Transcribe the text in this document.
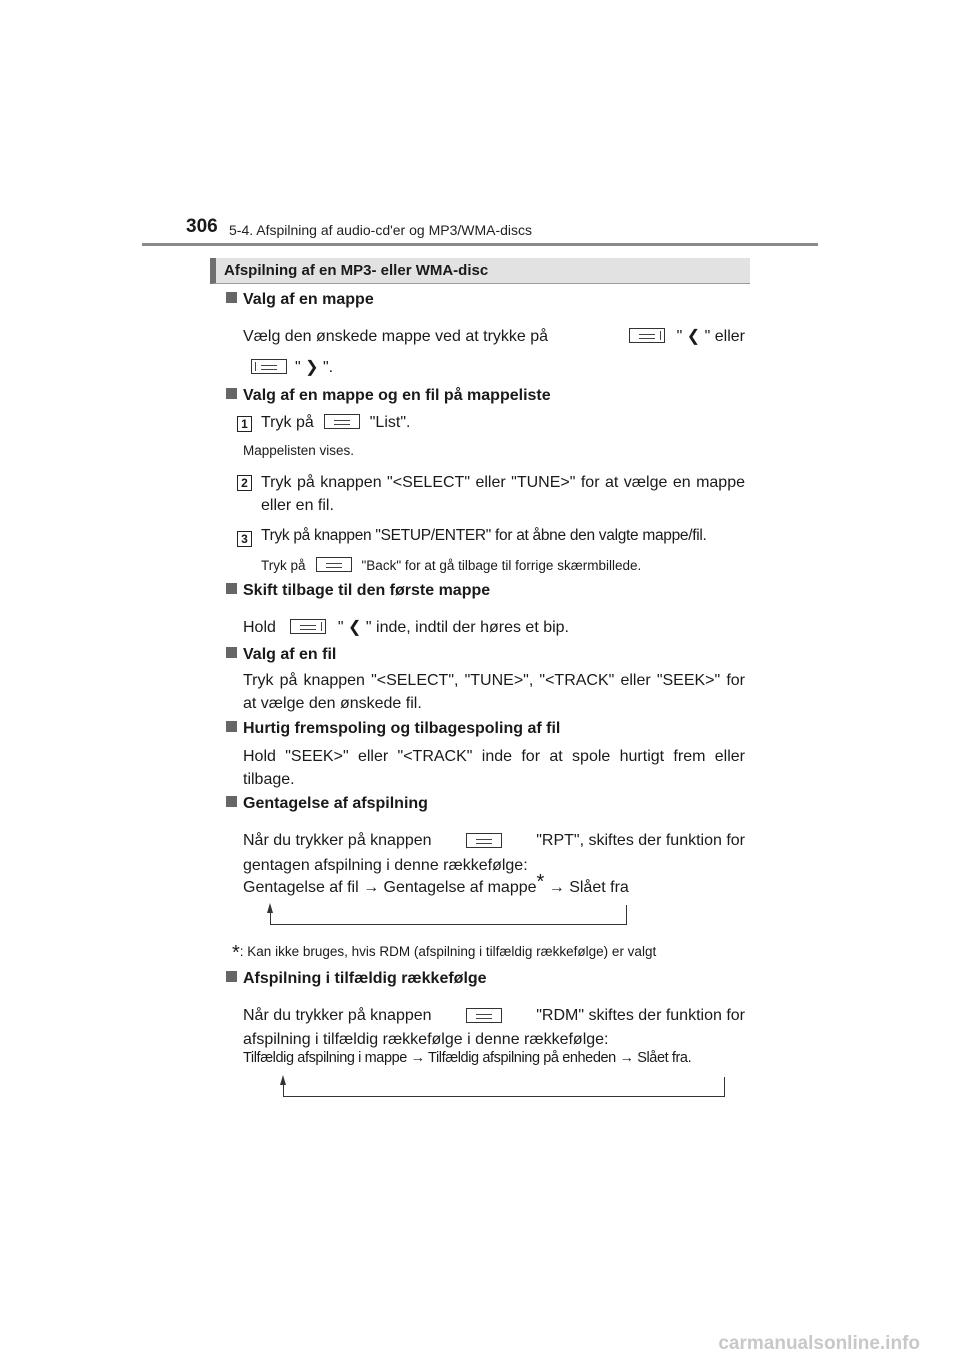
306 5-4. Afspilning af audio-cd'er og MP3/WMA-discs
Afspilning af en MP3- eller WMA-disc
Valg af en mappe
Vælg den ønskede mappe ved at trykke på	" ❮ " eller
" ❯ ".
Valg af en mappe og en fil på mappeliste
1 Tryk på	"List".
Mappelisten vises.
2 Tryk på knappen "<SELECT" eller "TUNE>" for at vælge en mappe eller en fil.
3 Tryk på knappen "SETUP/ENTER" for at åbne den valgte mappe/fil.
Tryk på	"Back" for at gå tilbage til forrige skærmbillede.
Skift tilbage til den første mappe
Hold	" ❮ " inde, indtil der høres et bip.
Valg af en fil
Tryk på knappen "<SELECT", "TUNE>", "<TRACK" eller "SEEK>" for at vælge den ønskede fil.
Hurtig fremspoling og tilbagespoling af fil
Hold "SEEK>" eller "<TRACK" inde for at spole hurtigt frem eller tilbage.
Gentagelse af afspilning
Når du trykker på knappen	"RPT", skiftes der funktion for
gentagen afspilning i denne rækkefølge:
Gentagelse af fil → Gentagelse af mappe* → Slået fra
*: Kan ikke bruges, hvis RDM (afspilning i tilfældig rækkefølge) er valgt
Afspilning i tilfældig rækkefølge
Når du trykker på knappen	"RDM" skiftes der funktion for
afspilning i tilfældig rækkefølge i denne rækkefølge:
Tilfældig afspilning i mappe → Tilfældig afspilning på enheden → Slået fra.
carmanualsonline.info
